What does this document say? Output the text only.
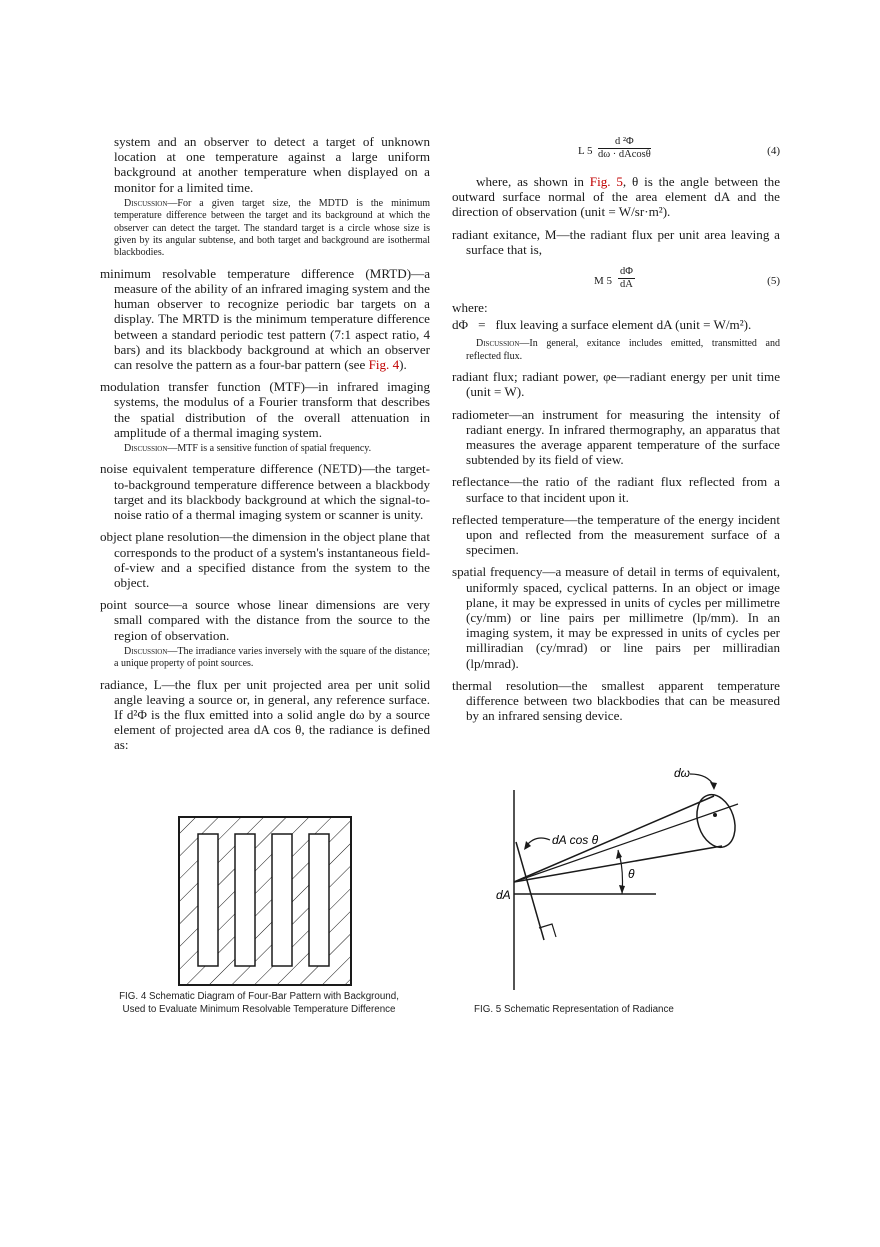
system and an observer to detect a target of unknown location at one temperature against a large uniform background at another temperature when displayed on a monitor for a limited time.

Discussion—For a given target size, the MDTD is the minimum temperature difference between the target and its background at which the observer can detect the target. The standard target is a circle whose size is given by its angular subtense, and both target and background are isothermal blackbodies.

minimum resolvable temperature difference (MRTD)—a measure of the ability of an infrared imaging system and the human observer to recognize periodic bar targets on a display. The MRTD is the minimum temperature difference between a standard periodic test pattern (7:1 aspect ratio, 4 bars) and its blackbody background at which an observer can resolve the pattern as a four-bar pattern (see Fig. 4).

modulation transfer function (MTF)—in infrared imaging systems, the modulus of a Fourier transform that describes the spatial distribution of the overall attenuation in amplitude of a thermal imaging system.

Discussion—MTF is a sensitive function of spatial frequency.

noise equivalent temperature difference (NETD)—the target-to-background temperature difference between a blackbody target and its blackbody background at which the signal-to-noise ratio of a thermal imaging system or scanner is unity.

object plane resolution—the dimension in the object plane that corresponds to the product of a system's instantaneous field-of-view and a specified distance from the system to the object.

point source—a source whose linear dimensions are very small compared with the distance from the source to the region of observation.

Discussion—The irradiance varies inversely with the square of the distance; a unique property of point sources.

radiance, L—the flux per unit projected area per unit solid angle leaving a source or, in general, any reference surface. If d²Φ is the flux emitted into a solid angle dω by a source element of projected area dA cos θ, the radiance is defined as:

L $5 \frac{\text{d ²Φ}}{d\omega \cdot dAcos\theta}$	(4)

where, as shown in Fig. 5, θ is the angle between the outward surface normal of the area element dA and the direction of observation (unit = W/sr·m²).

radiant exitance, M—the radiant flux per unit area leaving a surface that is,

M $5 \frac{d\Phi}{dA}$	(5)

where:

dΦ = flux leaving a surface element dA (unit = W/m²).

Discussion—In general, exitance includes emitted, transmitted and reflected flux.

radiant flux; radiant power, φe—radiant energy per unit time (unit = W).

radiometer—an instrument for measuring the intensity of radiant energy. In infrared thermography, an apparatus that measures the average apparent temperature of the surface subtended by its field of view.

reflectance—the ratio of the radiant flux reflected from a surface to that incident upon it.

reflected temperature—the temperature of the energy incident upon and reflected from the measurement surface of a specimen.

spatial frequency—a measure of detail in terms of equivalent, uniformly spaced, cyclical patterns. In an object or image plane, it may be expressed in units of cycles per millimetre (cy/mm) or line pairs per millimetre (lp/mm). In an imaging system, it may be expressed in units of cycles per milliradian (cy/mrad) or line pairs per milliradian (lp/mrad).

thermal resolution—the smallest apparent temperature difference between two blackbodies that can be measured by an infrared sensing device.

FIG. 4 Schematic Diagram of Four-Bar Pattern with Background,
Used to Evaluate Minimum Resolvable Temperature Difference
dω
dA cos θ
θ
dA
FIG. 5 Schematic Representation of Radiance
